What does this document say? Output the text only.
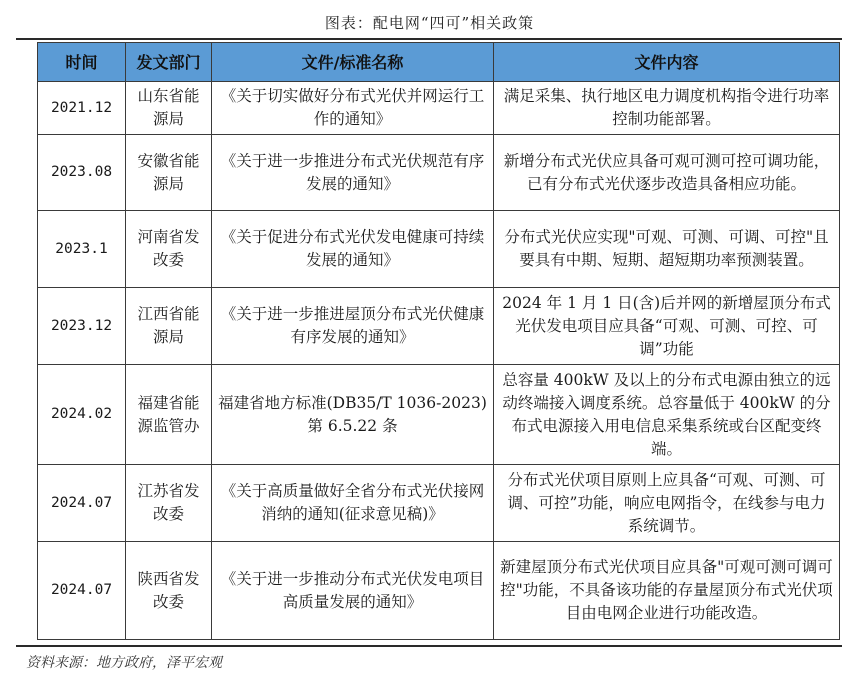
图表：配电网“四可”相关政策
时间	发文部门	文件/标准名称	文件内容
2021.12	山东省能源局	《关于切实做好分布式光伏并网运行工作的通知》	满足采集、执行地区电力调度机构指令进行功率控制功能部署。
2023.08	安徽省能源局	《关于进一步推进分布式光伏规范有序发展的通知》	新增分布式光伏应具备可观可测可控可调功能，已有分布式光伏逐步改造具备相应功能。
2023.1	河南省发改委	《关于促进分布式光伏发电健康可持续发展的通知》	分布式光伏应实现"可观、可测、可调、可控"且要具有中期、短期、超短期功率预测装置。
2023.12	江西省能源局	《关于进一步推进屋顶分布式光伏健康有序发展的通知》	2024 年 1 月 1 日(含)后并网的新增屋顶分布式光伏发电项目应具备“可观、可测、可控、可调”功能
2024.02	福建省能源监管办	福建省地方标准(DB35/T 1036-2023)第 6.5.22 条	总容量 400kW 及以上的分布式电源由独立的远动终端接入调度系统。总容量低于 400kW 的分布式电源接入用电信息采集系统或台区配变终端。
2024.07	江苏省发改委	《关于高质量做好全省分布式光伏接网消纳的通知(征求意见稿)》	分布式光伏项目原则上应具备“可观、可测、可调、可控”功能，响应电网指令，在线参与电力系统调节。
2024.07	陕西省发改委	《关于进一步推动分布式光伏发电项目高质量发展的通知》	新建屋顶分布式光伏项目应具备"可观可测可调可控"功能，不具备该功能的存量屋顶分布式光伏项目由电网企业进行功能改造。
资料来源：地方政府，泽平宏观
